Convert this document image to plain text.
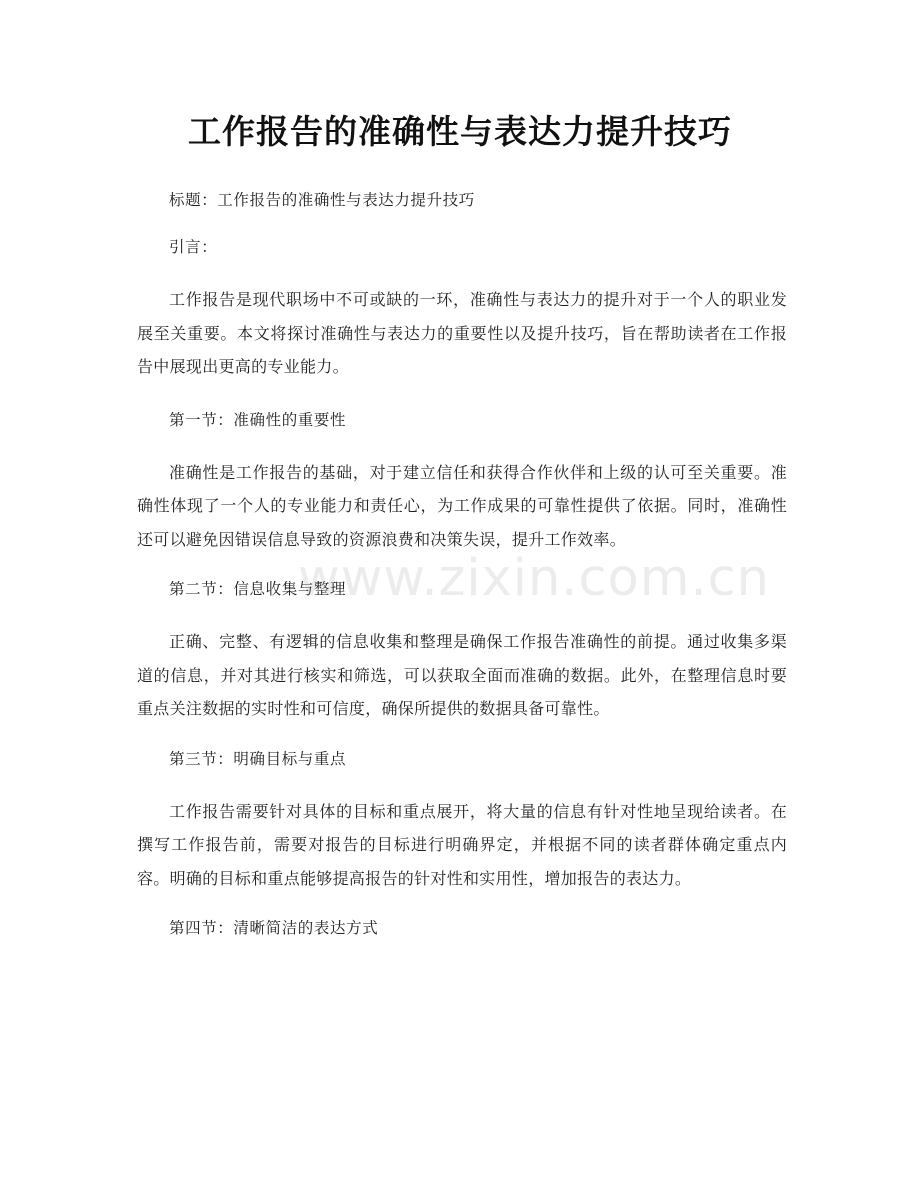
工作报告的准确性与表达力提升技巧

标题：工作报告的准确性与表达力提升技巧

引言：

工作报告是现代职场中不可或缺的一环，准确性与表达力的提升对于一个人的职业发展至关重要。本文将探讨准确性与表达力的重要性以及提升技巧，旨在帮助读者在工作报告中展现出更高的专业能力。

第一节：准确性的重要性

准确性是工作报告的基础，对于建立信任和获得合作伙伴和上级的认可至关重要。准确性体现了一个人的专业能力和责任心，为工作成果的可靠性提供了依据。同时，准确性还可以避免因错误信息导致的资源浪费和决策失误，提升工作效率。

第二节：信息收集与整理

正确、完整、有逻辑的信息收集和整理是确保工作报告准确性的前提。通过收集多渠道的信息，并对其进行核实和筛选，可以获取全面而准确的数据。此外，在整理信息时要重点关注数据的实时性和可信度，确保所提供的数据具备可靠性。

第三节：明确目标与重点

工作报告需要针对具体的目标和重点展开，将大量的信息有针对性地呈现给读者。在撰写工作报告前，需要对报告的目标进行明确界定，并根据不同的读者群体确定重点内容。明确的目标和重点能够提高报告的针对性和实用性，增加报告的表达力。

第四节：清晰简洁的表达方式

www.zixin.com.cn
